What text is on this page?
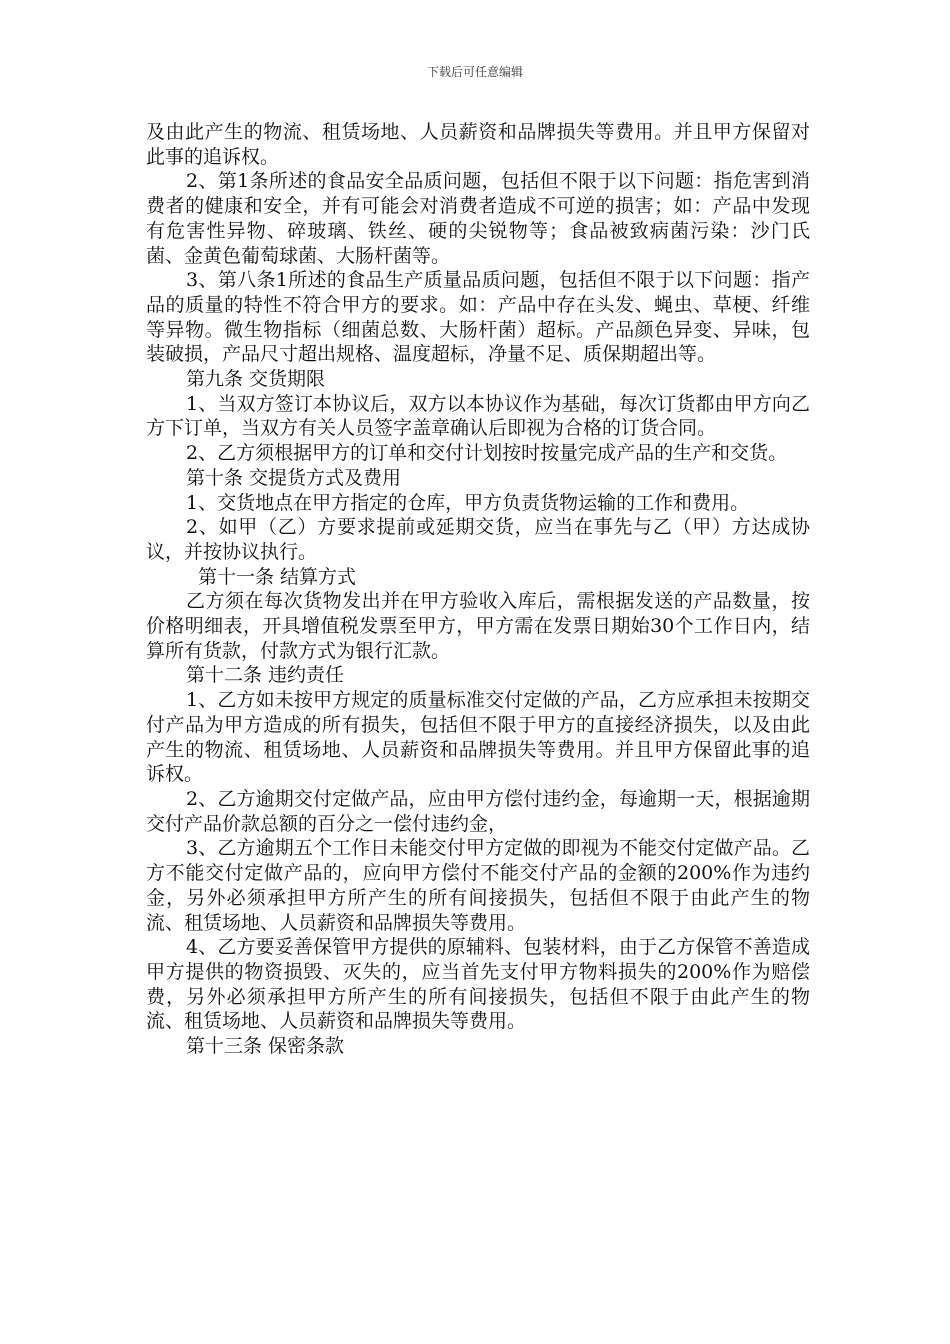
下载后可任意编辑

及由此产生的物流、租赁场地、人员薪资和品牌损失等费用。并且甲方保留对此事的追诉权。

2、第1条所述的食品安全品质问题，包括但不限于以下问题：指危害到消费者的健康和安全，并有可能会对消费者造成不可逆的损害；如：产品中发现有危害性异物、碎玻璃、铁丝、硬的尖锐物等；食品被致病菌污染：沙门氏菌、金黄色葡萄球菌、大肠杆菌等。

3、第八条1所述的食品生产质量品质问题，包括但不限于以下问题：指产品的质量的特性不符合甲方的要求。如：产品中存在头发、蝇虫、草梗、纤维等异物。微生物指标（细菌总数、大肠杆菌）超标。产品颜色异变、异味，包装破损，产品尺寸超出规格、温度超标，净量不足、质保期超出等。

第九条 交货期限

1、当双方签订本协议后，双方以本协议作为基础，每次订货都由甲方向乙方下订单，当双方有关人员签字盖章确认后即视为合格的订货合同。

2、乙方须根据甲方的订单和交付计划按时按量完成产品的生产和交货。

第十条 交提货方式及费用

1、交货地点在甲方指定的仓库，甲方负责货物运输的工作和费用。

2、如甲（乙）方要求提前或延期交货，应当在事先与乙（甲）方达成协议，并按协议执行。

第十一条 结算方式

乙方须在每次货物发出并在甲方验收入库后，需根据发送的产品数量，按价格明细表，开具增值税发票至甲方，甲方需在发票日期始30个工作日内，结算所有货款，付款方式为银行汇款。

第十二条 违约责任

1、乙方如未按甲方规定的质量标准交付定做的产品，乙方应承担未按期交付产品为甲方造成的所有损失，包括但不限于甲方的直接经济损失，以及由此产生的物流、租赁场地、人员薪资和品牌损失等费用。并且甲方保留此事的追诉权。

2、乙方逾期交付定做产品，应由甲方偿付违约金，每逾期一天，根据逾期交付产品价款总额的百分之一偿付违约金，

3、乙方逾期五个工作日未能交付甲方定做的即视为不能交付定做产品。乙方不能交付定做产品的，应向甲方偿付不能交付产品的金额的200%作为违约金，另外必须承担甲方所产生的所有间接损失，包括但不限于由此产生的物流、租赁场地、人员薪资和品牌损失等费用。

4、乙方要妥善保管甲方提供的原辅料、包装材料，由于乙方保管不善造成甲方提供的物资损毁、灭失的，应当首先支付甲方物料损失的200%作为赔偿费，另外必须承担甲方所产生的所有间接损失，包括但不限于由此产生的物流、租赁场地、人员薪资和品牌损失等费用。

第十三条 保密条款
